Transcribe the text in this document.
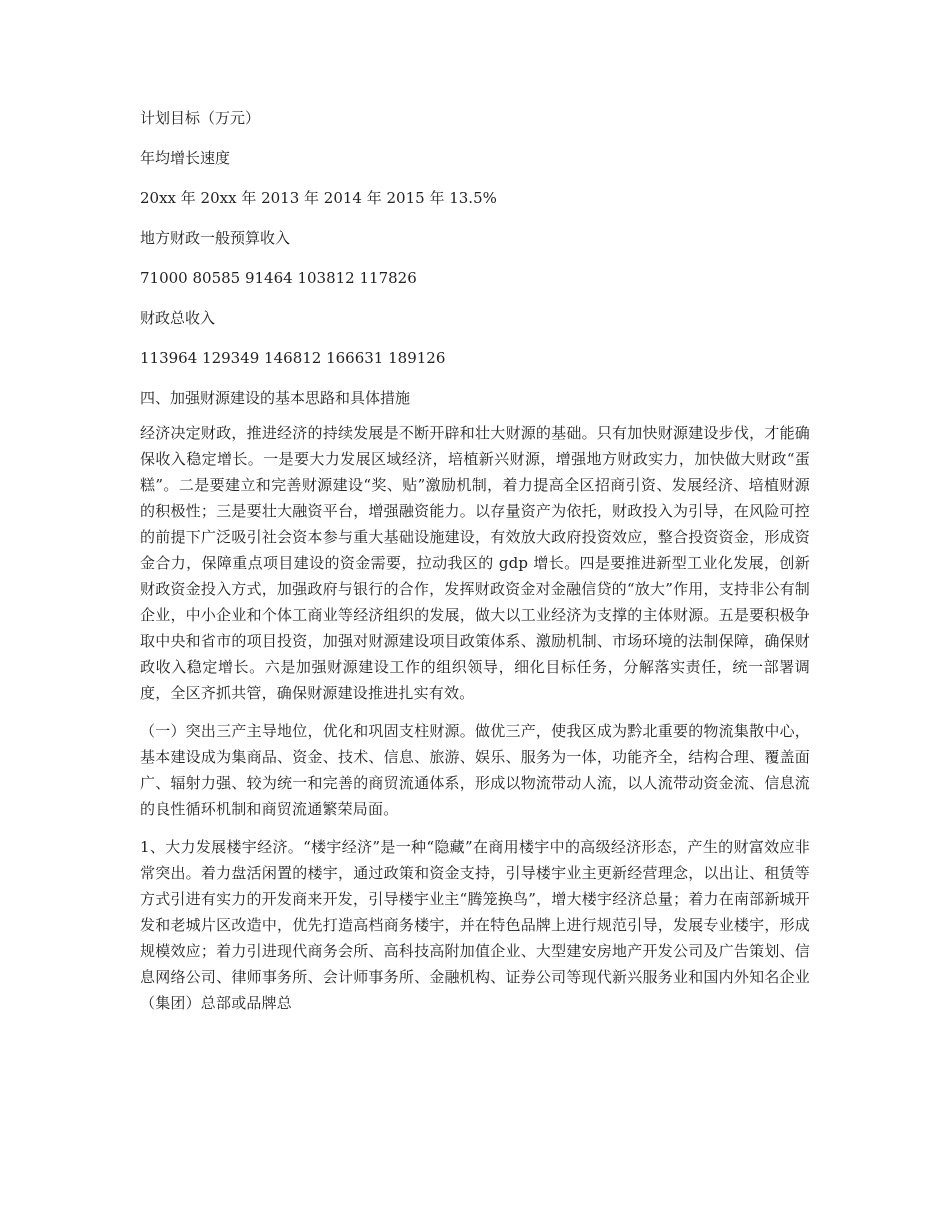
计划目标（万元）
年均增长速度
20xx 年 20xx 年 2013 年 2014 年 2015 年 13.5%
地方财政一般预算收入
71000 80585 91464 103812 117826
财政总收入
113964 129349 146812 166631 189126
四、加强财源建设的基本思路和具体措施

经济决定财政，推进经济的持续发展是不断开辟和壮大财源的基础。只有加快财源建设步伐，才能确保收入稳定增长。一是要大力发展区域经济，培植新兴财源，增强地方财政实力，加快做大财政“蛋糕”。二是要建立和完善财源建设“奖、贴”激励机制，着力提高全区招商引资、发展经济、培植财源的积极性；三是要壮大融资平台，增强融资能力。以存量资产为依托，财政投入为引导，在风险可控的前提下广泛吸引社会资本参与重大基础设施建设，有效放大政府投资效应，整合投资资金，形成资金合力，保障重点项目建设的资金需要，拉动我区的 gdp 增长。四是要推进新型工业化发展，创新财政资金投入方式，加强政府与银行的合作，发挥财政资金对金融信贷的“放大”作用，支持非公有制企业，中小企业和个体工商业等经济组织的发展，做大以工业经济为支撑的主体财源。五是要积极争取中央和省市的项目投资，加强对财源建设项目政策体系、激励机制、市场环境的法制保障，确保财政收入稳定增长。六是加强财源建设工作的组织领导，细化目标任务，分解落实责任，统一部署调度，全区齐抓共管，确保财源建设推进扎实有效。

（一）突出三产主导地位，优化和巩固支柱财源。做优三产，使我区成为黔北重要的物流集散中心，基本建设成为集商品、资金、技术、信息、旅游、娱乐、服务为一体，功能齐全，结构合理、覆盖面广、辐射力强、较为统一和完善的商贸流通体系，形成以物流带动人流，以人流带动资金流、信息流的良性循环机制和商贸流通繁荣局面。

1、大力发展楼宇经济。“楼宇经济”是一种“隐藏”在商用楼宇中的高级经济形态，产生的财富效应非常突出。着力盘活闲置的楼宇，通过政策和资金支持，引导楼宇业主更新经营理念，以出让、租赁等方式引进有实力的开发商来开发，引导楼宇业主“腾笼换鸟”，增大楼宇经济总量；着力在南部新城开发和老城片区改造中，优先打造高档商务楼宇，并在特色品牌上进行规范引导，发展专业楼宇，形成规模效应；着力引进现代商务会所、高科技高附加值企业、大型建安房地产开发公司及广告策划、信息网络公司、律师事务所、会计师事务所、金融机构、证券公司等现代新兴服务业和国内外知名企业（集团）总部或品牌总
